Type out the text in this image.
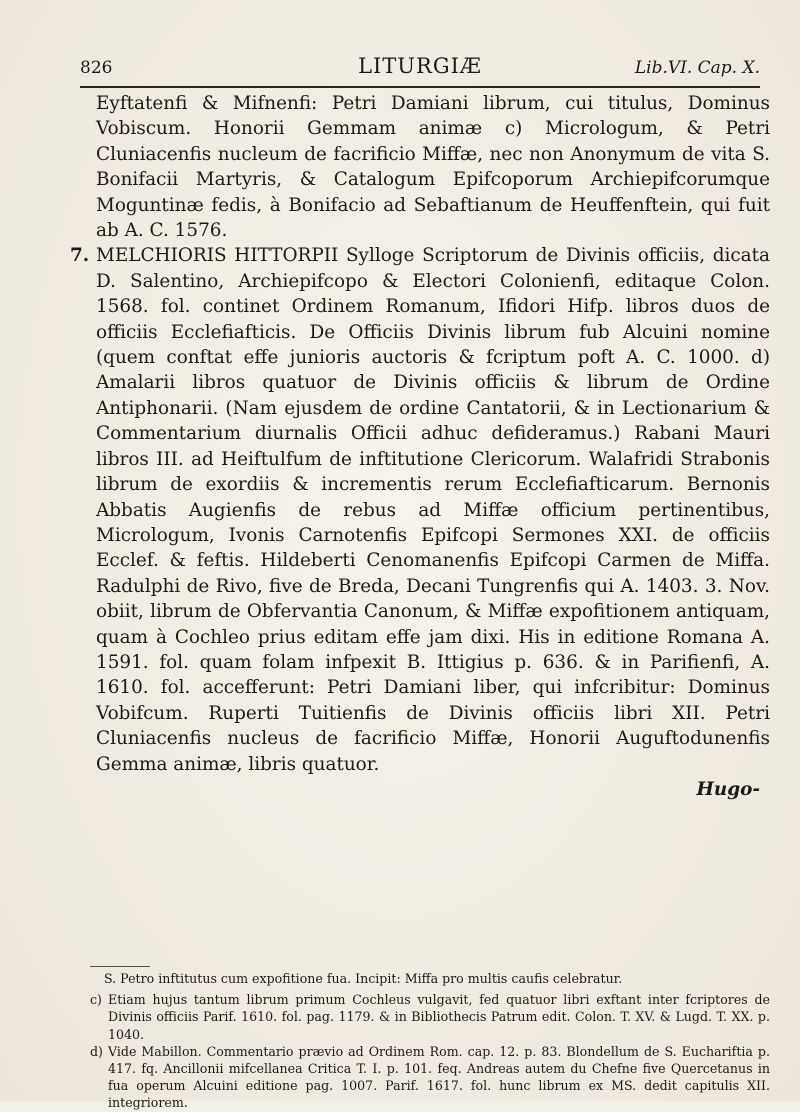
826	LITURGIÆ	Lib.VI. Cap. X.

Eyftatenfi & Mifnenfi: Petri Damiani librum, cui titulus, Dominus Vobiscum. Honorii Gemmam animæ c) Micrologum, & Petri Cluniacenfis nucleum de facrificio Miffæ, nec non Anonymum de vita S. Bonifacii Martyris, & Catalogum Epifcoporum Archiepifcorumque Moguntinæ fedis, à Bonifacio ad Sebaftianum de Heuffenftein, qui fuit ab A. C. 1576.

7. MELCHIORIS HITTORPII Sylloge Scriptorum de Divinis officiis, dicata D. Salentino, Archiepifcopo & Electori Colonienfi, editaque Colon. 1568. fol. continet Ordinem Romanum, Ifidori Hifp. libros duos de officiis Ecclefiafticis. De Officiis Divinis librum fub Alcuini nomine (quem conftat effe junioris auctoris & fcriptum poft A. C. 1000. d) Amalarii libros quatuor de Divinis officiis & librum de Ordine Antiphonarii. (Nam ejusdem de ordine Cantatorii, & in Lectionarium & Commentarium diurnalis Officii adhuc defideramus.) Rabani Mauri libros III. ad Heiftulfum de inftitutione Clericorum. Walafridi Strabonis librum de exordiis & incrementis rerum Ecclefiafticarum. Bernonis Abbatis Augienfis de rebus ad Miffæ officium pertinentibus, Micrologum, Ivonis Carnotenfis Epifcopi Sermones XXI. de officiis Ecclef. & feftis. Hildeberti Cenomanenfis Epifcopi Carmen de Miffa. Radulphi de Rivo, five de Breda, Decani Tungrenfis qui A. 1403. 3. Nov. obiit, librum de Obfervantia Canonum, & Miffæ expofitionem antiquam, quam à Cochleo prius editam effe jam dixi. His in editione Romana A. 1591. fol. quam folam infpexit B. Ittigius p. 636. & in Parifienfi, A. 1610. fol. accefferunt: Petri Damiani liber, qui infcribitur: Dominus Vobifcum. Ruperti Tuitienfis de Divinis officiis libri XII. Petri Cluniacenfis nucleus de facrificio Miffæ, Honorii Auguftodunenfis Gemma animæ, libris quatuor.

Hugo-

S. Petro inftitutus cum expofitione fua. Incipit: Miffa pro multis caufis celebratur.

c) Etiam hujus tantum librum primum Cochleus vulgavit, fed quatuor libri exftant inter fcriptores de Divinis officiis Parif. 1610. fol. pag. 1179. & in Bibliothecis Patrum edit. Colon. T. XV. & Lugd. T. XX. p. 1040.

d) Vide Mabillon. Commentario prævio ad Ordinem Rom. cap. 12. p. 83. Blondellum de S. Euchariftia p. 417. fq. Ancillonii mifcellanea Critica T. I. p. 101. feq. Andreas autem du Chefne five Quercetanus in fua operum Alcuini editione pag. 1007. Parif. 1617. fol. hunc librum ex MS. dedit capitulis XII. integriorem.
